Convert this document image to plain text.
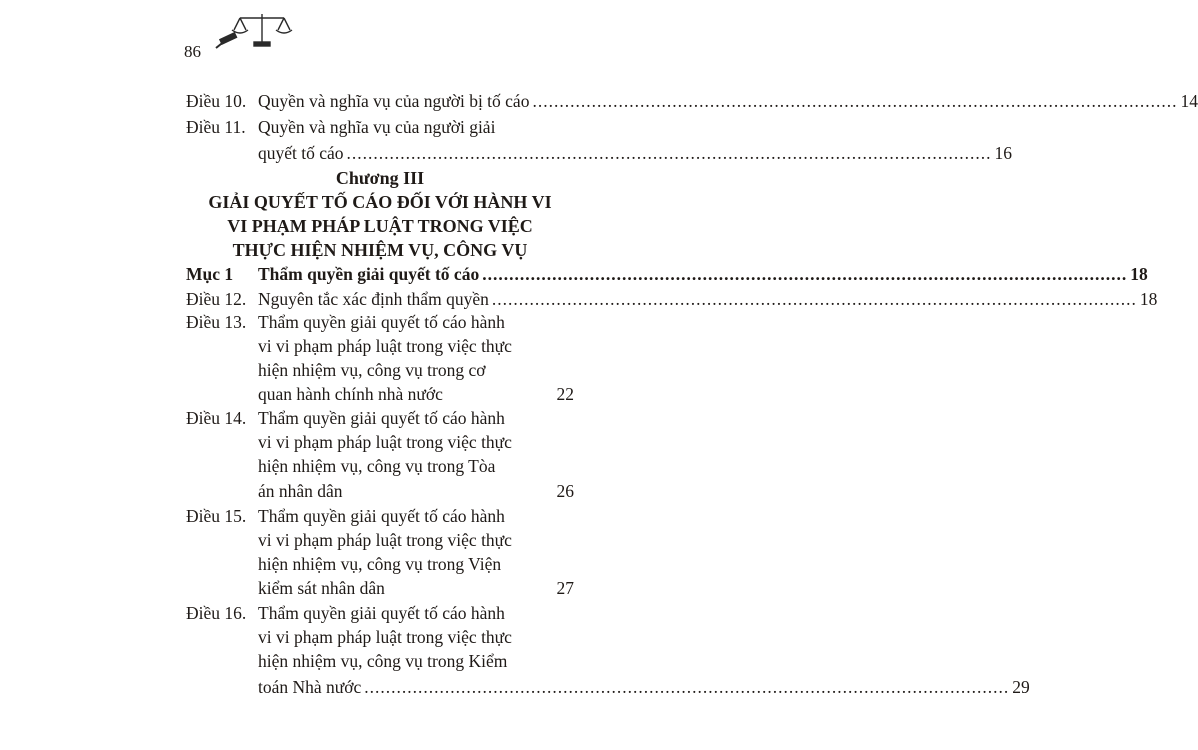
86
Điều 10. Quyền và nghĩa vụ của người bị tố cáo ........................................................................................................................ 14
Điều 11. Quyền và nghĩa vụ của người giải
quyết tố cáo ........................................................................................................................ 16
Chương III
GIẢI QUYẾT TỐ CÁO ĐỐI VỚI HÀNH VI
VI PHẠM PHÁP LUẬT TRONG VIỆC
THỰC HIỆN NHIỆM VỤ, CÔNG VỤ
Mục 1 Thẩm quyền giải quyết tố cáo ........................................................................................................................ 18
Điều 12. Nguyên tắc xác định thẩm quyền ........................................................................................................................ 18
Điều 13. Thẩm quyền giải quyết tố cáo hành
vi vi phạm pháp luật trong việc thực
hiện nhiệm vụ, công vụ trong cơ
quan hành chính nhà nước	22
Điều 14. Thẩm quyền giải quyết tố cáo hành
vi vi phạm pháp luật trong việc thực
hiện nhiệm vụ, công vụ trong Tòa
án nhân dân	26
Điều 15. Thẩm quyền giải quyết tố cáo hành
vi vi phạm pháp luật trong việc thực
hiện nhiệm vụ, công vụ trong Viện
kiểm sát nhân dân	27
Điều 16. Thẩm quyền giải quyết tố cáo hành
vi vi phạm pháp luật trong việc thực
hiện nhiệm vụ, công vụ trong Kiểm
toán Nhà nước ........................................................................................................................ 29
